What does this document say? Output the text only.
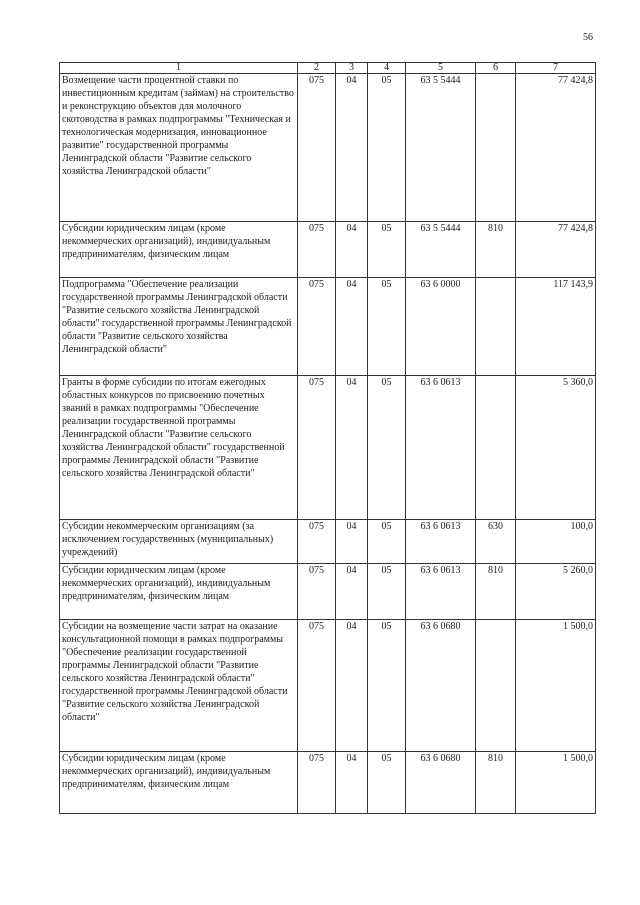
56
1	2	3	4	5	6	7
Возмещение части процентной ставки по инвестиционным кредитам (займам) на строительство и реконструкцию объектов для молочного скотоводства в рамках подпрограммы "Техническая и технологическая модернизация, инновационное развитие" государственной программы Ленинградской области "Развитие сельского хозяйства Ленинградской области"	075	04	05	63 5 5444		77 424,8
Субсидии юридическим лицам (кроме некоммерческих организаций), индивидуальным предпринимателям, физическим лицам	075	04	05	63 5 5444	810	77 424,8
Подпрограмма "Обеспечение реализации государственной программы Ленинградской области "Развитие сельского хозяйства Ленинградской области" государственной программы Ленинградской области "Развитие сельского хозяйства Ленинградской области"	075	04	05	63 6 0000		117 143,9
Гранты в форме субсидии по итогам ежегодных областных конкурсов по присвоению почетных званий в рамках подпрограммы "Обеспечение реализации государственной программы Ленинградской области "Развитие сельского хозяйства Ленинградской области" государственной программы Ленинградской области "Развитие сельского хозяйства Ленинградской области"	075	04	05	63 6 0613		5 360,0
Субсидии некоммерческим организациям (за исключением государственных (муниципальных) учреждений)	075	04	05	63 6 0613	630	100,0
Субсидии юридическим лицам (кроме некоммерческих организаций), индивидуальным предпринимателям, физическим лицам	075	04	05	63 6 0613	810	5 260,0
Субсидии на возмещение части затрат на оказание консультационной помощи в рамках подпрограммы "Обеспечение реализации государственной программы Ленинградской области "Развитие сельского хозяйства Ленинградской области" государственной программы Ленинградской области "Развитие сельского хозяйства Ленинградской области"	075	04	05	63 6 0680		1 500,0
Субсидии юридическим лицам (кроме некоммерческих организаций), индивидуальным предпринимателям, физическим лицам	075	04	05	63 6 0680	810	1 500,0
